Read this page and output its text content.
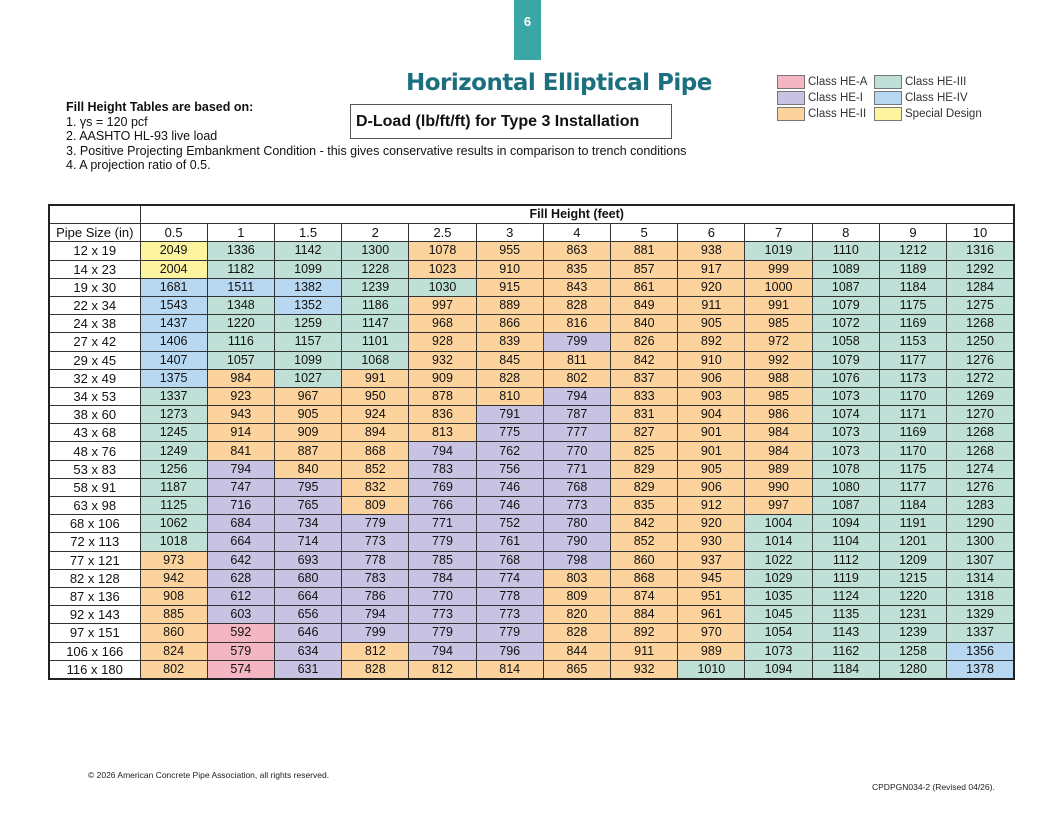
6
Horizontal Elliptical Pipe
Fill Height Tables are based on:
1. γs = 120 pcf
2. AASHTO HL-93 live load
3. Positive Projecting Embankment Condition - this gives conservative results in comparison to trench conditions
4. A projection ratio of 0.5.
D-Load (lb/ft/ft) for Type 3 Installation
Class HE-A
Class HE-I
Class HE-II
Class HE-III
Class HE-IV
Special Design
	Fill Height (feet)												
Pipe Size (in)	0.5	1	1.5	2	2.5	3	4	5	6	7	8	9	10
12 x 19	2049	1336	1142	1300	1078	955	863	881	938	1019	1110	1212	1316
14 x 23	2004	1182	1099	1228	1023	910	835	857	917	999	1089	1189	1292
19 x 30	1681	1511	1382	1239	1030	915	843	861	920	1000	1087	1184	1284
22 x 34	1543	1348	1352	1186	997	889	828	849	911	991	1079	1175	1275
24 x 38	1437	1220	1259	1147	968	866	816	840	905	985	1072	1169	1268
27 x 42	1406	1116	1157	1101	928	839	799	826	892	972	1058	1153	1250
29 x 45	1407	1057	1099	1068	932	845	811	842	910	992	1079	1177	1276
32 x 49	1375	984	1027	991	909	828	802	837	906	988	1076	1173	1272
34 x 53	1337	923	967	950	878	810	794	833	903	985	1073	1170	1269
38 x 60	1273	943	905	924	836	791	787	831	904	986	1074	1171	1270
43 x 68	1245	914	909	894	813	775	777	827	901	984	1073	1169	1268
48 x 76	1249	841	887	868	794	762	770	825	901	984	1073	1170	1268
53 x 83	1256	794	840	852	783	756	771	829	905	989	1078	1175	1274
58 x 91	1187	747	795	832	769	746	768	829	906	990	1080	1177	1276
63 x 98	1125	716	765	809	766	746	773	835	912	997	1087	1184	1283
68 x 106	1062	684	734	779	771	752	780	842	920	1004	1094	1191	1290
72 x 113	1018	664	714	773	779	761	790	852	930	1014	1104	1201	1300
77 x 121	973	642	693	778	785	768	798	860	937	1022	1112	1209	1307
82 x 128	942	628	680	783	784	774	803	868	945	1029	1119	1215	1314
87 x 136	908	612	664	786	770	778	809	874	951	1035	1124	1220	1318
92 x 143	885	603	656	794	773	773	820	884	961	1045	1135	1231	1329
97 x 151	860	592	646	799	779	779	828	892	970	1054	1143	1239	1337
106 x 166	824	579	634	812	794	796	844	911	989	1073	1162	1258	1356
116 x 180	802	574	631	828	812	814	865	932	1010	1094	1184	1280	1378
© 2026 American Concrete Pipe Association, all rights reserved.
CPDPGN034-2 (Revised 04/26).
